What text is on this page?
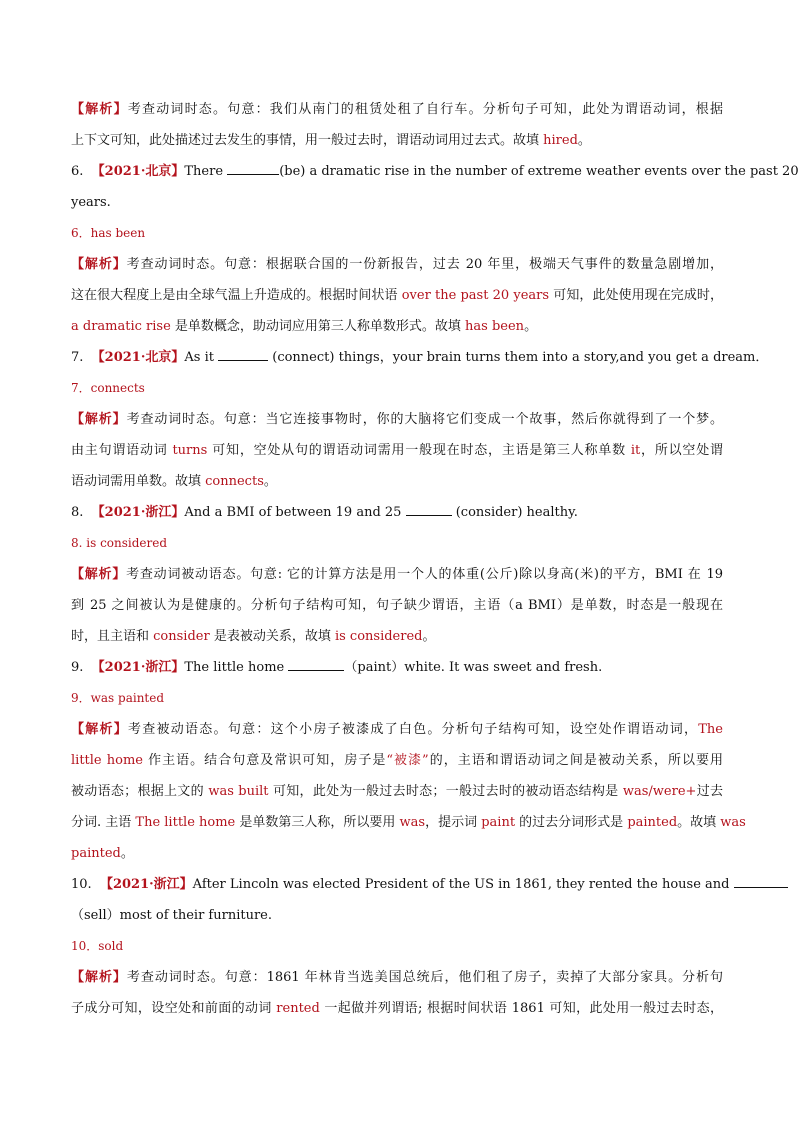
【解析】考查动词时态。句意：我们从南门的租赁处租了自行车。分析句子可知，此处为谓语动词，根据
上下文可知，此处描述过去发生的事情，用一般过去时，谓语动词用过去式。故填 hired。
6. 【2021·北京】There	(be) a dramatic rise in the number of extreme weather events over the past 20
years.
6．has been
【解析】考查动词时态。句意：根据联合国的一份新报告，过去 20 年里，极端天气事件的数量急剧增加，
这在很大程度上是由全球气温上升造成的。根据时间状语 over the past 20 years 可知，此处使用现在完成时，
a dramatic rise 是单数概念，助动词应用第三人称单数形式。故填 has been。
7. 【2021·北京】As it	(connect) things，your brain turns them into a story,and you get a dream．
7．connects
【解析】考查动词时态。句意：当它连接事物时，你的大脑将它们变成一个故事，然后你就得到了一个梦。
由主句谓语动词 turns 可知，空处从句的谓语动词需用一般现在时态，主语是第三人称单数 it，所以空处谓
语动词需用单数。故填 connects。
8. 【2021·浙江】And a BMI of between 19 and 25	(consider) healthy.
8. is considered
【解析】考查动词被动语态。句意: 它的计算方法是用一个人的体重(公斤)除以身高(米)的平方，BMI 在 19
到 25 之间被认为是健康的。分析句子结构可知，句子缺少谓语，主语（a BMI）是单数，时态是一般现在
时，且主语和 consider 是表被动关系，故填 is considered。
9. 【2021·浙江】The little home	（paint）white. It was sweet and fresh.
9．was painted
【解析】考查被动语态。句意：这个小房子被漆成了白色。分析句子结构可知，设空处作谓语动词，The
little home 作主语。结合句意及常识可知，房子是“被漆”的，主语和谓语动词之间是被动关系，所以要用
被动语态；根据上文的 was built 可知，此处为一般过去时态；一般过去时的被动语态结构是 was/were+过去
分词. 主语 The little home 是单数第三人称，所以要用 was，提示词 paint 的过去分词形式是 painted。故填 was
painted。
10. 【2021·浙江】After Lincoln was elected President of the US in 1861, they rented the house and
（sell）most of their furniture.
10．sold
【解析】考查动词时态。句意：1861 年林肯当选美国总统后，他们租了房子，卖掉了大部分家具。分析句
子成分可知，设空处和前面的动词 rented 一起做并列谓语; 根据时间状语 1861 可知，此处用一般过去时态，
